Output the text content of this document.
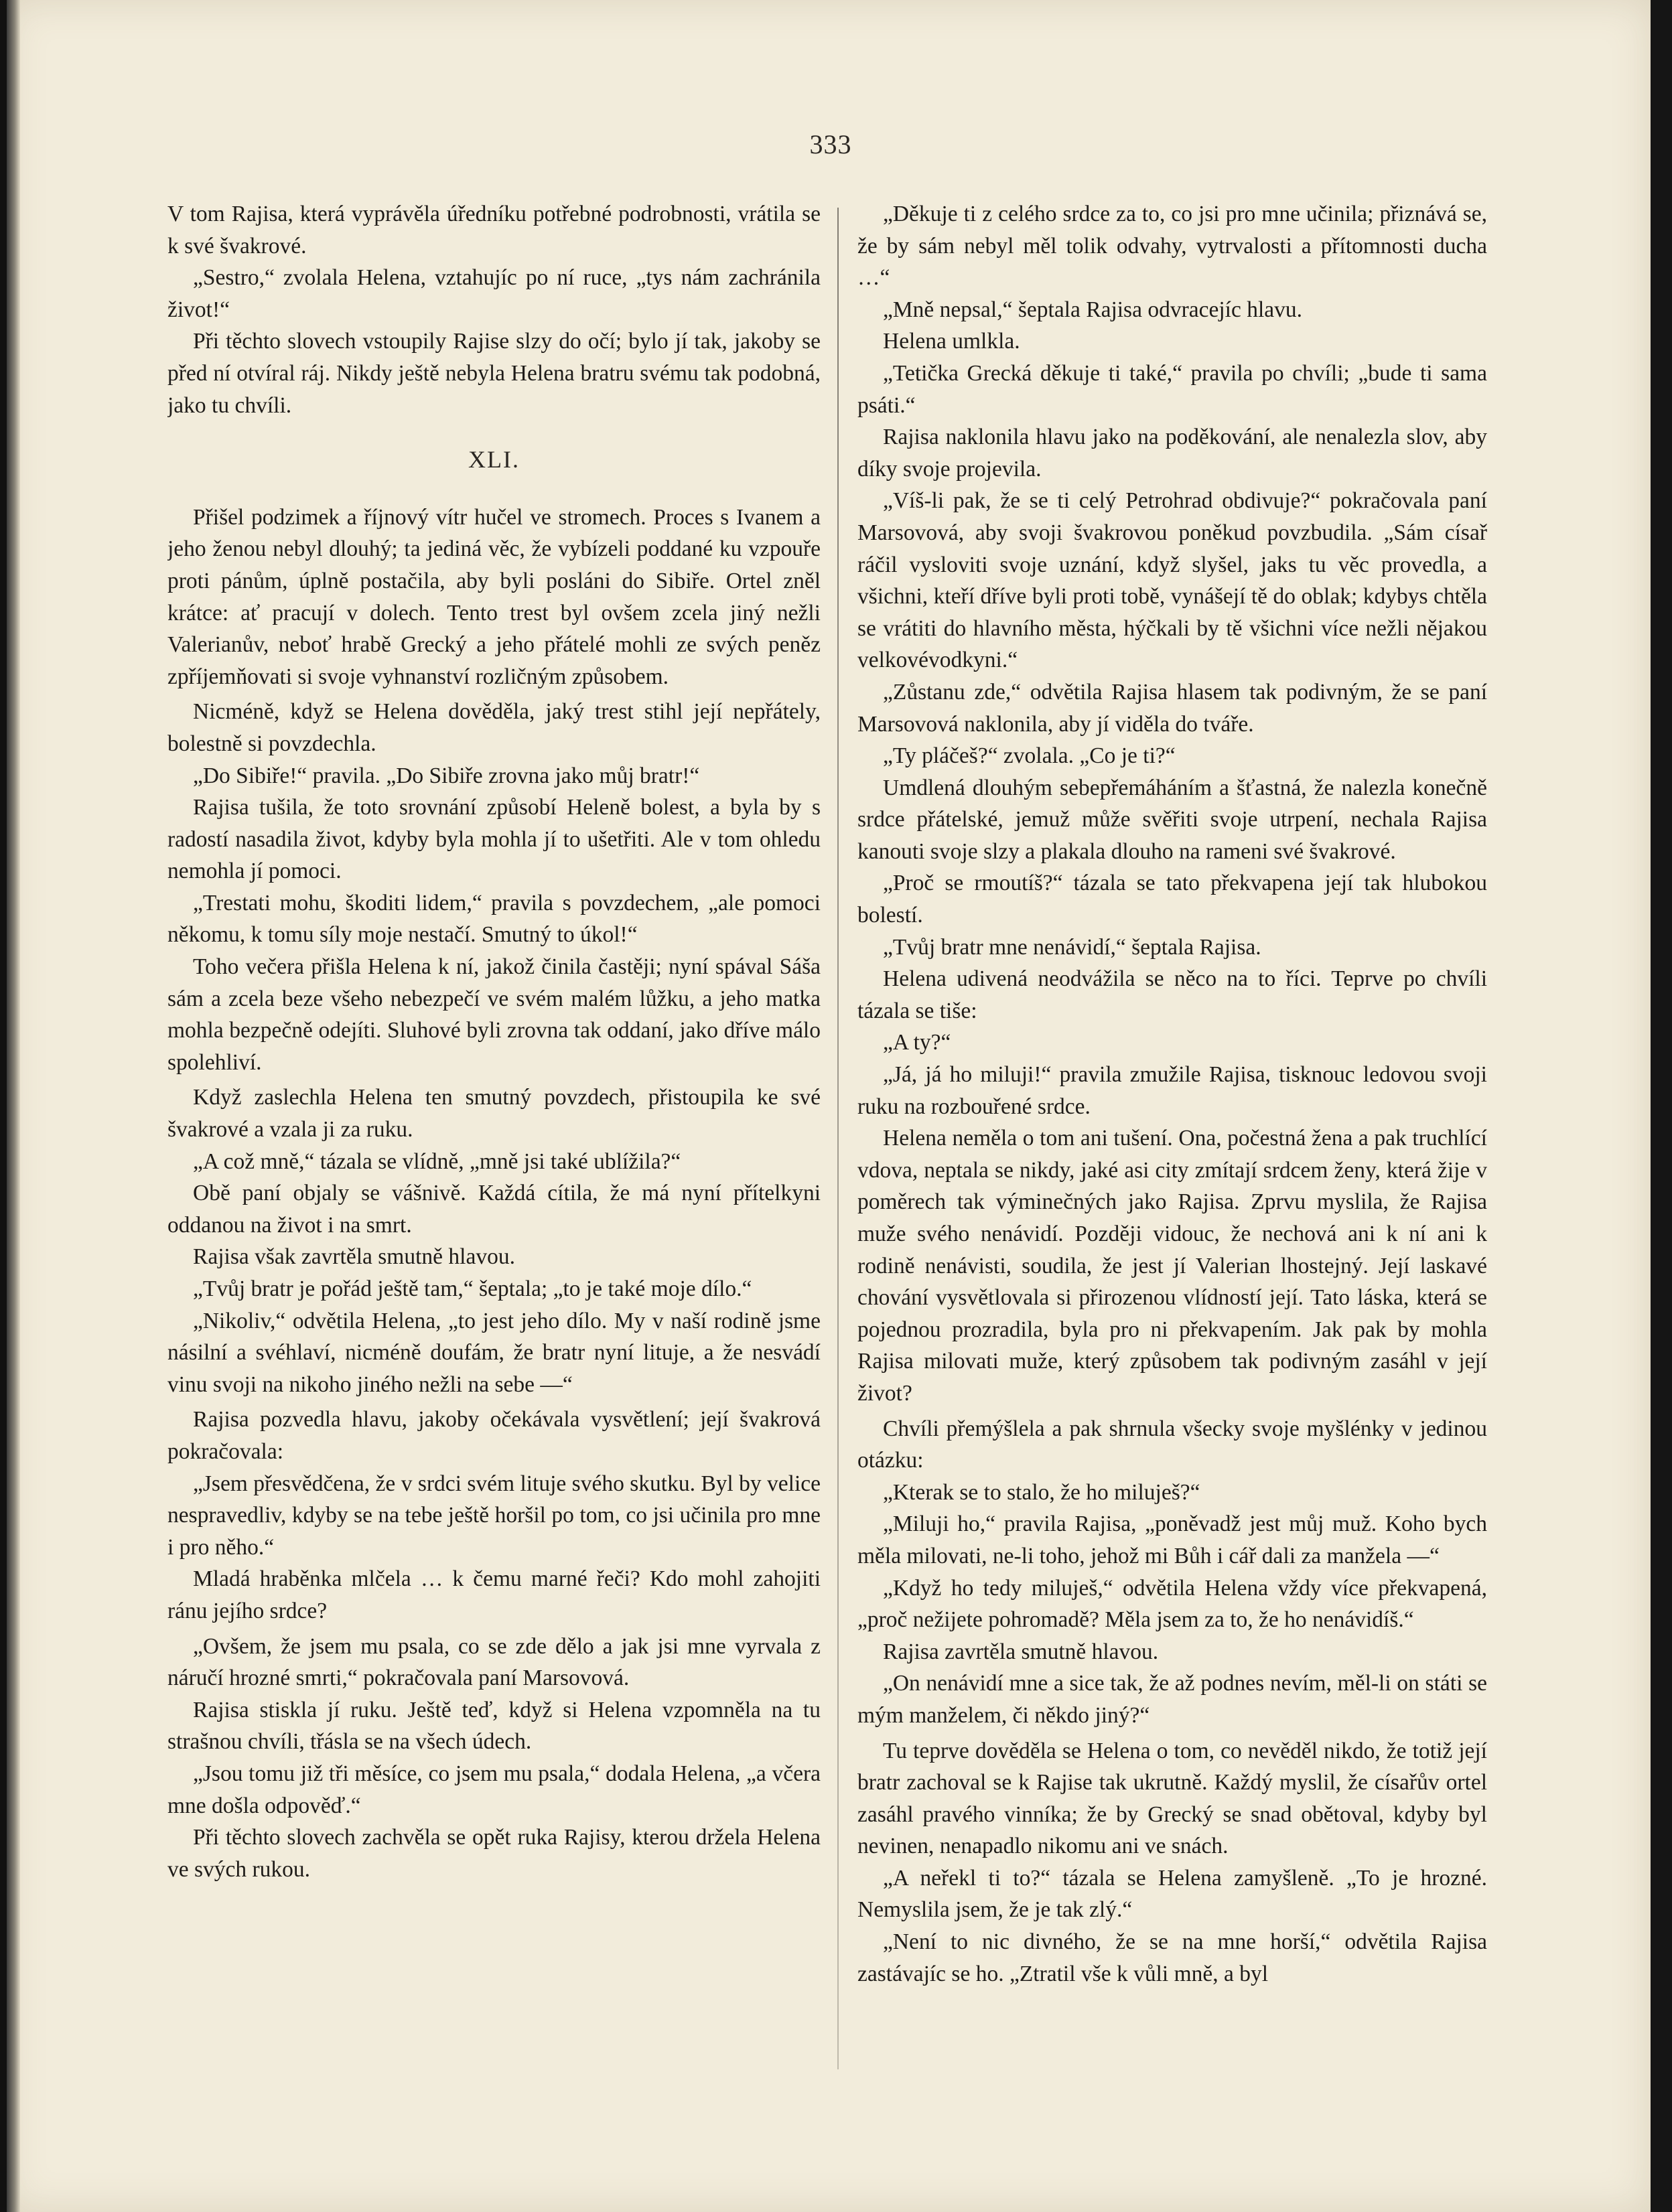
333

V tom Rajisa, která vyprávěla úředníku potřebné podrobnosti, vrátila se k své švakrové.

„Sestro,“ zvolala Helena, vztahujíc po ní ruce, „tys nám zachránila život!“

Při těchto slovech vstoupily Rajise slzy do očí; bylo jí tak, jakoby se před ní otvíral ráj. Nikdy ještě nebyla Helena bratru svému tak podobná, jako tu chvíli.

XLI.

Přišel podzimek a říjnový vítr hučel ve stromech. Proces s Ivanem a jeho ženou nebyl dlouhý; ta jediná věc, že vybízeli poddané ku vzpouře proti pánům, úplně postačila, aby byli posláni do Sibiře. Ortel zněl krátce: ať pracují v dolech. Tento trest byl ovšem zcela jiný nežli Valerianův, neboť hrabě Grecký a jeho přátelé mohli ze svých peněz zpříjemňovati si svoje vyhnanství rozličným způsobem.

Nicméně, když se Helena dověděla, jaký trest stihl její nepřátely, bolestně si povzdechla.

„Do Sibiře!“ pravila. „Do Sibiře zrovna jako můj bratr!“

Rajisa tušila, že toto srovnání způsobí Heleně bolest, a byla by s radostí nasadila život, kdyby byla mohla jí to ušetřiti. Ale v tom ohledu nemohla jí pomoci.

„Trestati mohu, škoditi lidem,“ pravila s povzdechem, „ale pomoci někomu, k tomu síly moje nestačí. Smutný to úkol!“

Toho večera přišla Helena k ní, jakož činila častěji; nyní spával Sáša sám a zcela beze všeho nebezpečí ve svém malém lůžku, a jeho matka mohla bezpečně odejíti. Sluhové byli zrovna tak oddaní, jako dříve málo spolehliví.

Když zaslechla Helena ten smutný povzdech, přistoupila ke své švakrové a vzala ji za ruku.

„A což mně,“ tázala se vlídně, „mně jsi také ublížila?“

Obě paní objaly se vášnivě. Každá cítila, že má nyní přítelkyni oddanou na život i na smrt.

Rajisa však zavrtěla smutně hlavou.

„Tvůj bratr je pořád ještě tam,“ šeptala; „to je také moje dílo.“

„Nikoliv,“ odvětila Helena, „to jest jeho dílo. My v naší rodině jsme násilní a svéhlaví, nicméně doufám, že bratr nyní lituje, a že nesvádí vinu svoji na nikoho jiného nežli na sebe —“

Rajisa pozvedla hlavu, jakoby očekávala vysvětlení; její švakrová pokračovala:

„Jsem přesvědčena, že v srdci svém lituje svého skutku. Byl by velice nespravedliv, kdyby se na tebe ještě horšil po tom, co jsi učinila pro mne i pro něho.“

Mladá hraběnka mlčela … k čemu marné řeči? Kdo mohl zahojiti ránu jejího srdce?

„Ovšem, že jsem mu psala, co se zde dělo a jak jsi mne vyrvala z náručí hrozné smrti,“ pokračovala paní Marsovová.

Rajisa stiskla jí ruku. Ještě teď, když si Helena vzpomněla na tu strašnou chvíli, třásla se na všech údech.

„Jsou tomu již tři měsíce, co jsem mu psala,“ dodala Helena, „a včera mne došla odpověď.“

Při těchto slovech zachvěla se opět ruka Rajisy, kterou držela Helena ve svých rukou.

„Děkuje ti z celého srdce za to, co jsi pro mne učinila; přiznává se, že by sám nebyl měl tolik odvahy, vytrvalosti a přítomnosti ducha …“

„Mně nepsal,“ šeptala Rajisa odvracejíc hlavu.

Helena umlkla.

„Tetička Grecká děkuje ti také,“ pravila po chvíli; „bude ti sama psáti.“

Rajisa naklonila hlavu jako na poděkování, ale nenalezla slov, aby díky svoje projevila.

„Víš-li pak, že se ti celý Petrohrad obdivuje?“ pokračovala paní Marsovová, aby svoji švakrovou poněkud povzbudila. „Sám císař ráčil vysloviti svoje uznání, když slyšel, jaks tu věc provedla, a všichni, kteří dříve byli proti tobě, vynášejí tě do oblak; kdybys chtěla se vrátiti do hlavního města, hýčkali by tě všichni více nežli nějakou velkovévodkyni.“

„Zůstanu zde,“ odvětila Rajisa hlasem tak podivným, že se paní Marsovová naklonila, aby jí viděla do tváře.

„Ty pláčeš?“ zvolala. „Co je ti?“

Umdlená dlouhým sebepřemáháním a šťastná, že nalezla konečně srdce přátelské, jemuž může svěřiti svoje utrpení, nechala Rajisa kanouti svoje slzy a plakala dlouho na rameni své švakrové.

„Proč se rmoutíš?“ tázala se tato překvapena její tak hlubokou bolestí.

„Tvůj bratr mne nenávidí,“ šeptala Rajisa.

Helena udivená neodvážila se něco na to říci. Teprve po chvíli tázala se tiše:

„A ty?“

„Já, já ho miluji!“ pravila zmužile Rajisa, tisknouc ledovou svoji ruku na rozbouřené srdce.

Helena neměla o tom ani tušení. Ona, počestná žena a pak truchlící vdova, neptala se nikdy, jaké asi city zmítají srdcem ženy, která žije v poměrech tak výminečných jako Rajisa. Zprvu myslila, že Rajisa muže svého nenávidí. Později vidouc, že nechová ani k ní ani k rodině nenávisti, soudila, že jest jí Valerian lhostejný. Její laskavé chování vysvětlovala si přirozenou vlídností její. Tato láska, která se pojednou prozradila, byla pro ni překvapením. Jak pak by mohla Rajisa milovati muže, který způsobem tak podivným zasáhl v její život?

Chvíli přemýšlela a pak shrnula všecky svoje myšlénky v jedinou otázku:

„Kterak se to stalo, že ho miluješ?“

„Miluji ho,“ pravila Rajisa, „poněvadž jest můj muž. Koho bych měla milovati, ne-li toho, jehož mi Bůh i cář dali za manžela —“

„Když ho tedy miluješ,“ odvětila Helena vždy více překvapená, „proč nežijete pohromadě? Měla jsem za to, že ho nenávidíš.“

Rajisa zavrtěla smutně hlavou.

„On nenávidí mne a sice tak, že až podnes nevím, měl-li on státi se mým manželem, či někdo jiný?“

Tu teprve dověděla se Helena o tom, co nevěděl nikdo, že totiž její bratr zachoval se k Rajise tak ukrutně. Každý myslil, že císařův ortel zasáhl pravého vinníka; že by Grecký se snad obětoval, kdyby byl nevinen, nenapadlo nikomu ani ve snách.

„A neřekl ti to?“ tázala se Helena zamyšleně. „To je hrozné. Nemyslila jsem, že je tak zlý.“

„Není to nic divného, že se na mne horší,“ odvětila Rajisa zastávajíc se ho. „Ztratil vše k vůli mně, a byl
